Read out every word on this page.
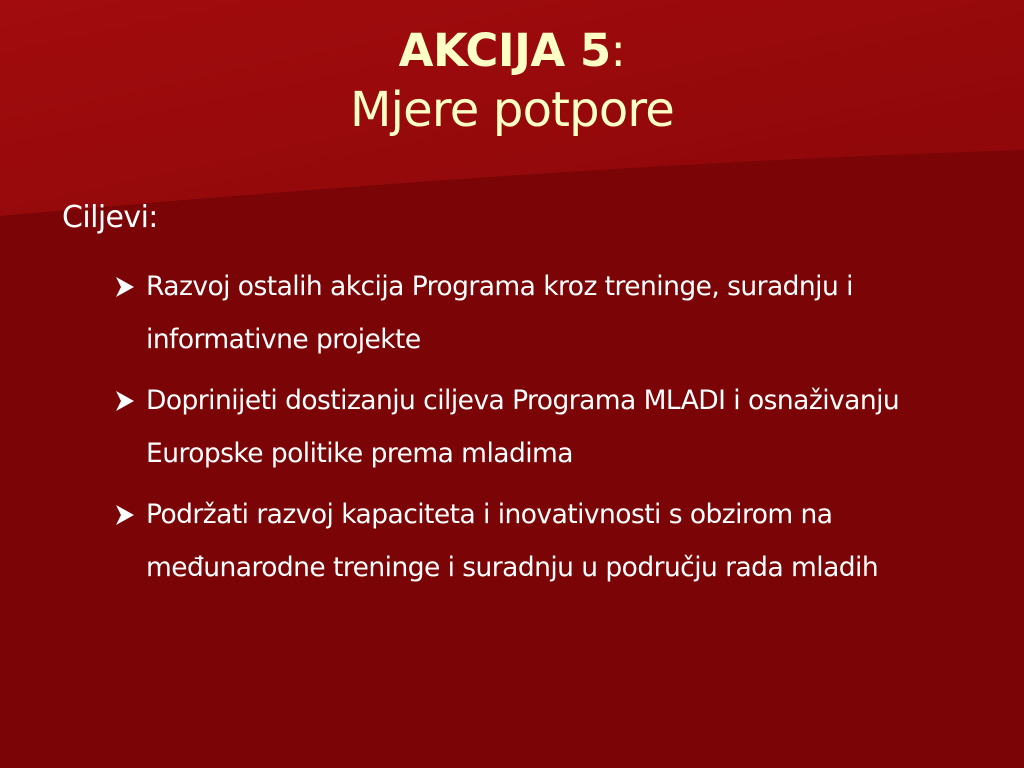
AKCIJA 5:
Mjere potpore
Ciljevi:
Razvoj ostalih akcija Programa kroz treninge, suradnju i informativne projekte
Doprinijeti dostizanju ciljeva Programa MLADI i osnaživanju Europske politike prema mladima
Podržati razvoj kapaciteta i inovativnosti s obzirom na međunarodne treninge i suradnju u području rada mladih
